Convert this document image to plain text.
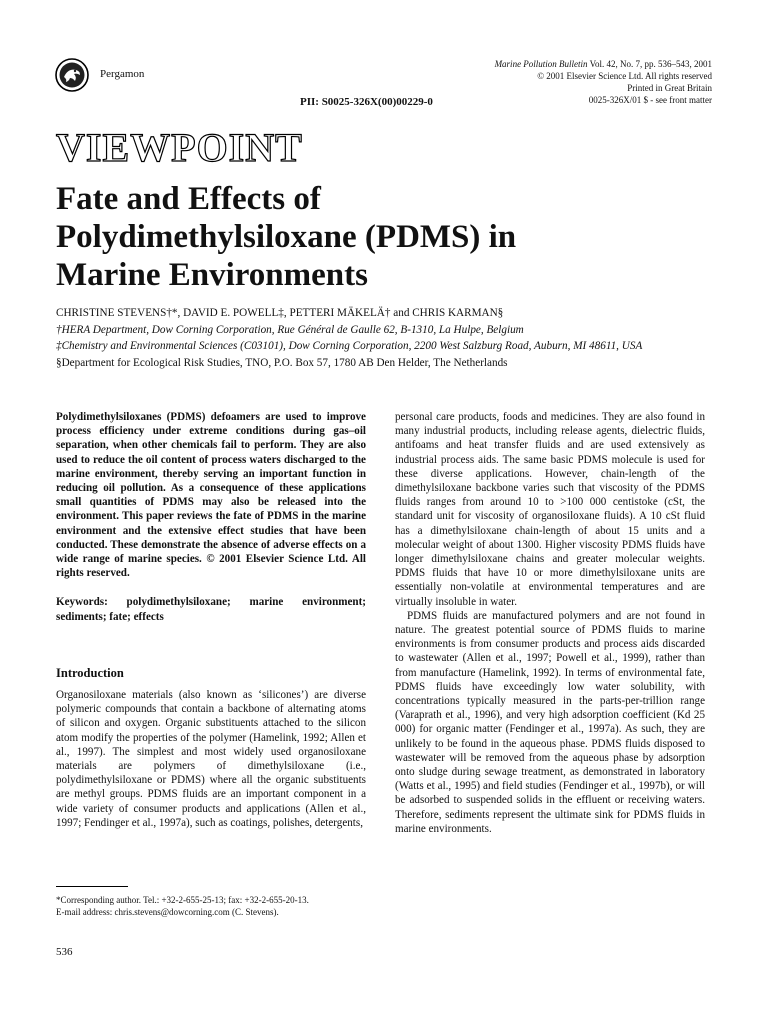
Pergamon
PII: S0025-326X(00)00229-0
Marine Pollution Bulletin Vol. 42, No. 7, pp. 536–543, 2001
© 2001 Elsevier Science Ltd. All rights reserved
Printed in Great Britain
0025-326X/01 $ - see front matter
VIEWPOINT
Fate and Effects of
Polydimethylsiloxane (PDMS) in
Marine Environments
CHRISTINE STEVENS†*, DAVID E. POWELL‡, PETTERI MÄKELÄ† and CHRIS KARMAN§
†HERA Department, Dow Corning Corporation, Rue Général de Gaulle 62, B-1310, La Hulpe, Belgium
‡Chemistry and Environmental Sciences (C03101), Dow Corning Corporation, 2200 West Salzburg Road, Auburn, MI 48611, USA
§Department for Ecological Risk Studies, TNO, P.O. Box 57, 1780 AB Den Helder, The Netherlands

Polydimethylsiloxanes (PDMS) defoamers are used to improve process efficiency under extreme conditions during gas–oil separation, when other chemicals fail to perform. They are also used to reduce the oil content of process waters discharged to the marine environment, thereby serving an important function in reducing oil pollution. As a consequence of these applications small quantities of PDMS may also be released into the environment. This paper reviews the fate of PDMS in the marine environment and the extensive effect studies that have been conducted. These demonstrate the absence of adverse effects on a wide range of marine species. © 2001 Elsevier Science Ltd. All rights reserved.

Keywords: polydimethylsiloxane; marine environment; sediments; fate; effects

Introduction

Organosiloxane materials (also known as ‘silicones’) are diverse polymeric compounds that contain a backbone of alternating atoms of silicon and oxygen. Organic substituents attached to the silicon atom modify the properties of the polymer (Hamelink, 1992; Allen et al., 1997). The simplest and most widely used organosiloxane materials are polymers of dimethylsiloxane (i.e., polydimethylsiloxane or PDMS) where all the organic substituents are methyl groups. PDMS fluids are an important component in a wide variety of consumer products and applications (Allen et al., 1997; Fendinger et al., 1997a), such as coatings, polishes, detergents,

personal care products, foods and medicines. They are also found in many industrial products, including release agents, dielectric fluids, antifoams and heat transfer fluids and are used extensively as industrial process aids. The same basic PDMS molecule is used for these diverse applications. However, chain-length of the dimethylsiloxane backbone varies such that viscosity of the PDMS fluids ranges from around 10 to >100 000 centistoke (cSt, the standard unit for viscosity of organosiloxane fluids). A 10 cSt fluid has a dimethylsiloxane chain-length of about 15 units and a molecular weight of about 1300. Higher viscosity PDMS fluids have longer dimethylsiloxane chains and greater molecular weights. PDMS fluids that have 10 or more dimethylsiloxane units are essentially non-volatile at environmental temperatures and are virtually insoluble in water.

PDMS fluids are manufactured polymers and are not found in nature. The greatest potential source of PDMS fluids to marine environments is from consumer products and process aids discarded to wastewater (Allen et al., 1997; Powell et al., 1999), rather than from manufacture (Hamelink, 1992). In terms of environmental fate, PDMS fluids have exceedingly low water solubility, with concentrations typically measured in the parts-per-trillion range (Varaprath et al., 1996), and very high adsorption coefficient (Kd 25 000) for organic matter (Fendinger et al., 1997a). As such, they are unlikely to be found in the aqueous phase. PDMS fluids disposed to wastewater will be removed from the aqueous phase by adsorption onto sludge during sewage treatment, as demonstrated in laboratory (Watts et al., 1995) and field studies (Fendinger et al., 1997b), or will be adsorbed to suspended solids in the effluent or receiving waters. Therefore, sediments represent the ultimate sink for PDMS fluids in marine environments.

*Corresponding author. Tel.: +32-2-655-25-13; fax: +32-2-655-20-13.
E-mail address: chris.stevens@dowcorning.com (C. Stevens).
536
